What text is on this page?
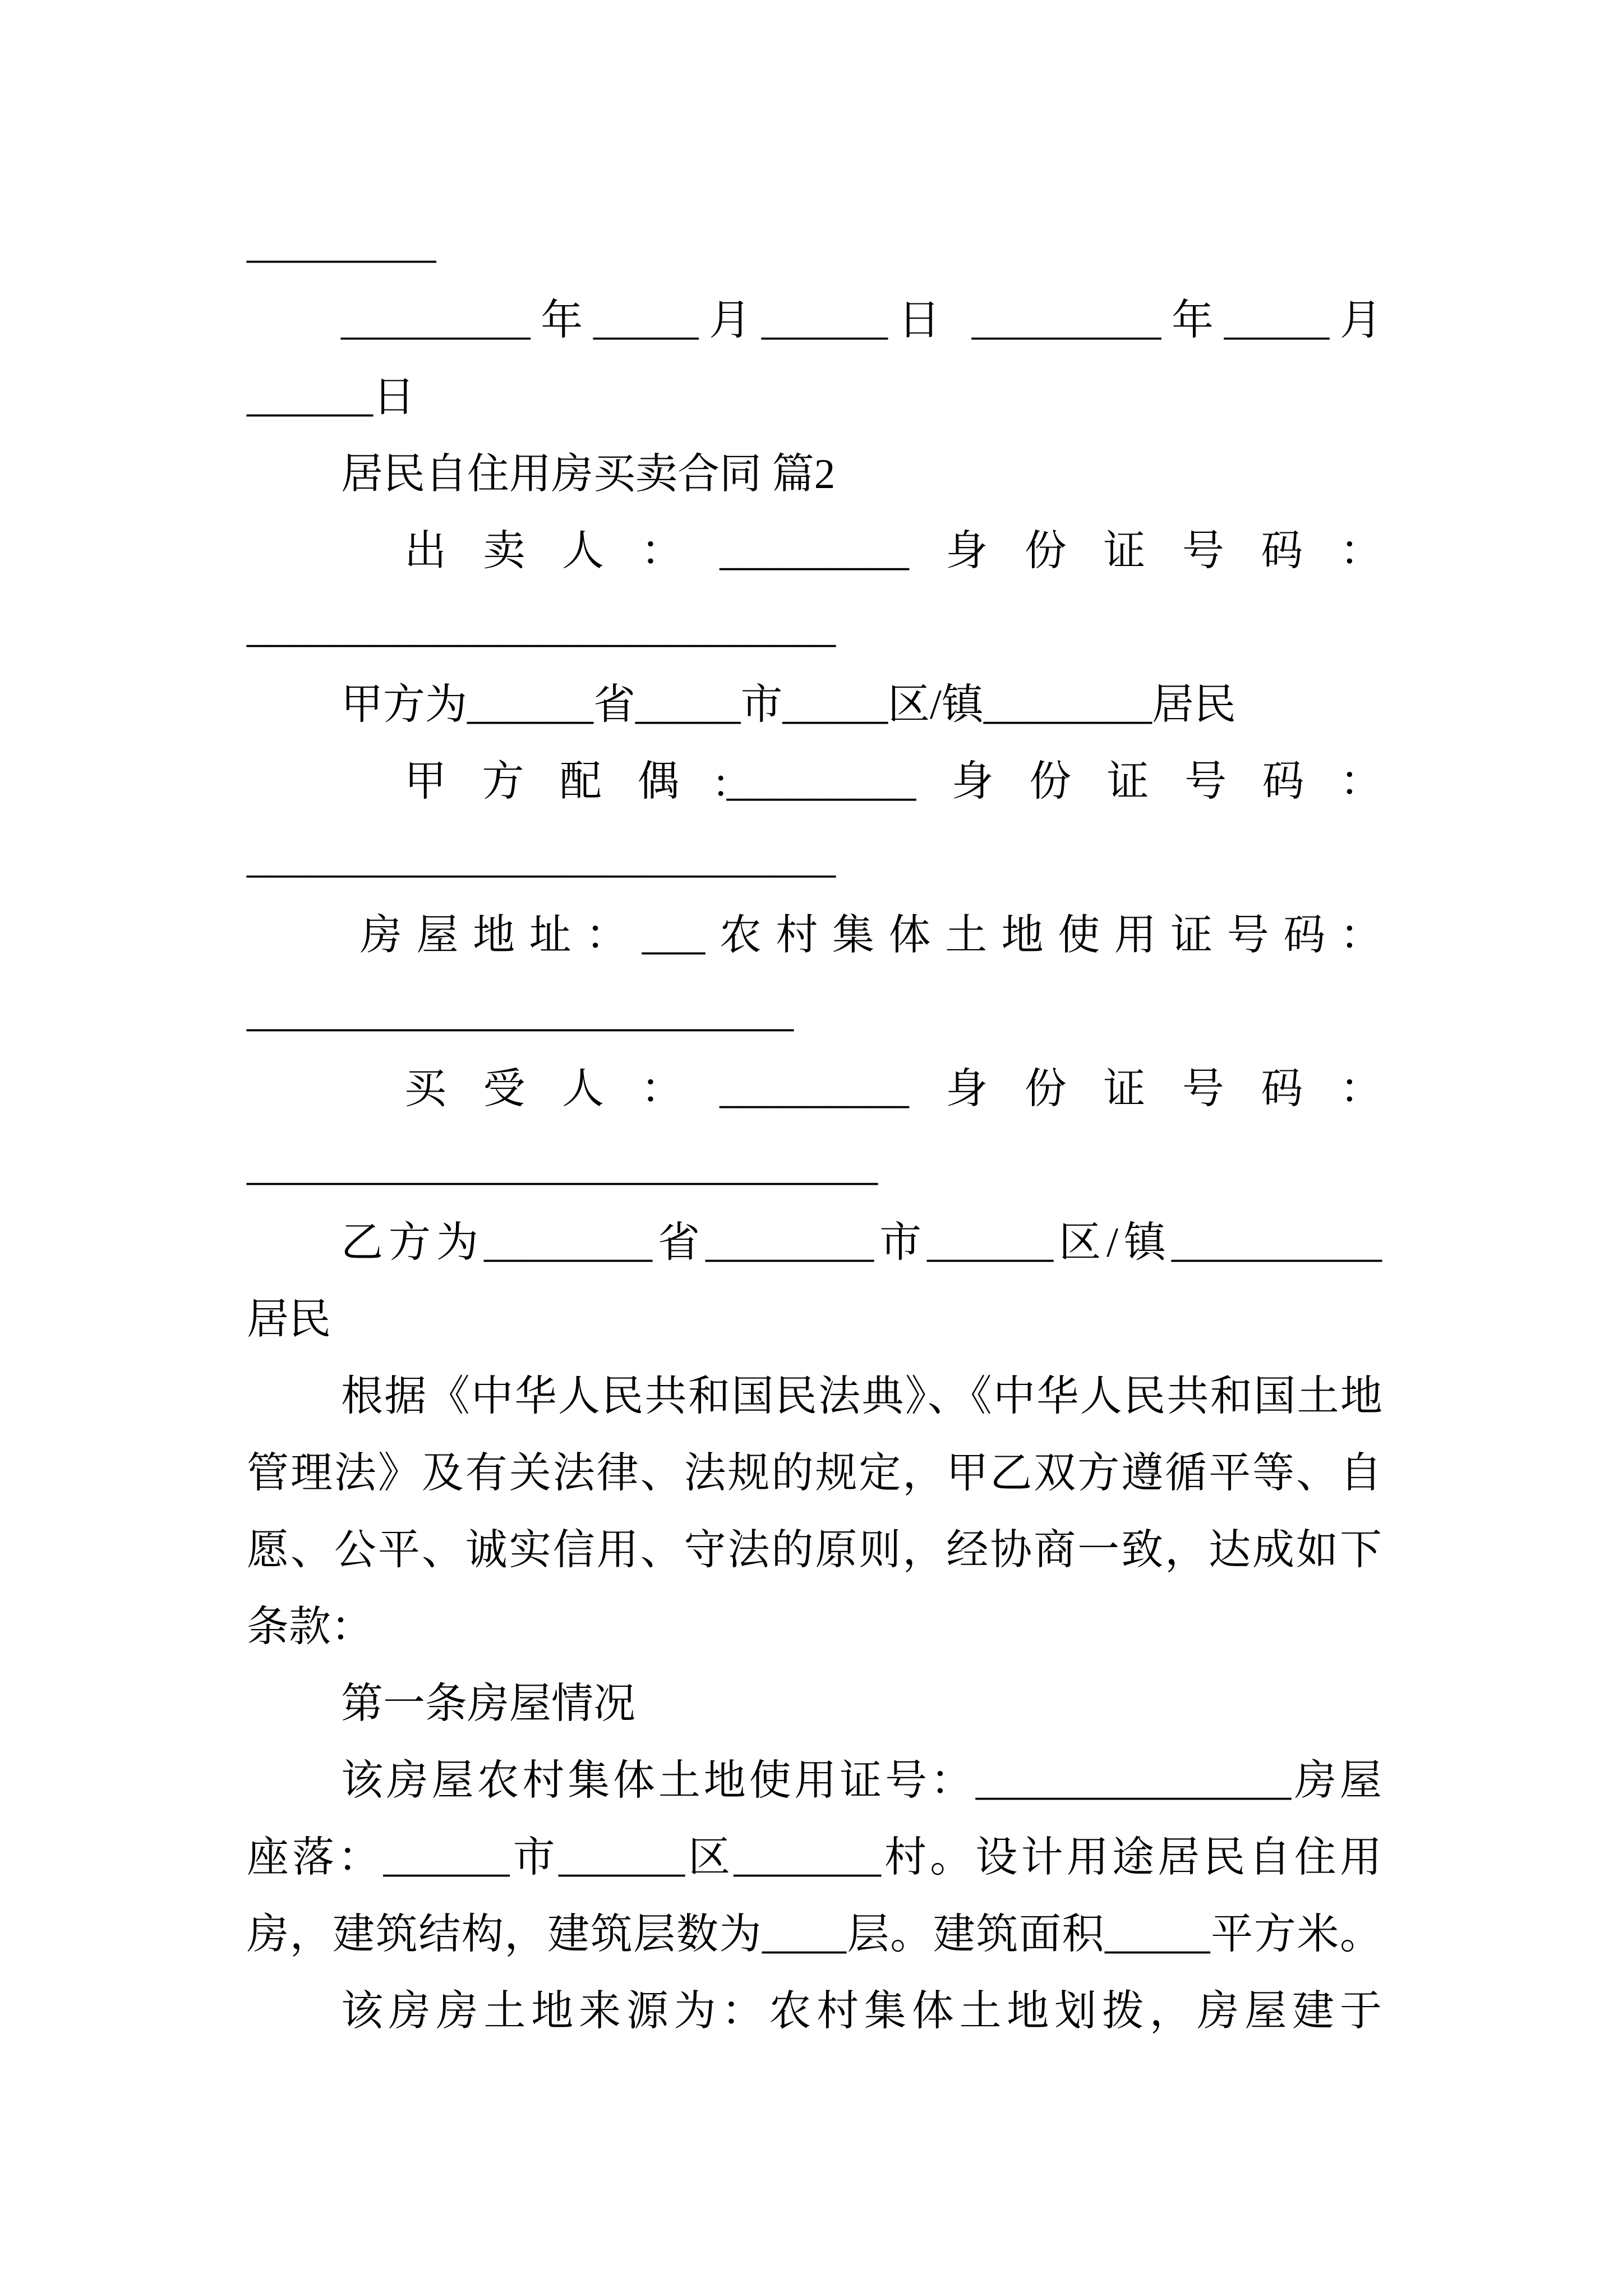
_________
_________年_____月______日 _________年_____月
______日
居民自住用房买卖合同 篇2
出卖人：_________身份证号码：
____________________________
甲方为______省_____市_____区/镇________居民
甲方配偶:_________身份证号码：
____________________________
房屋地址：___农村集体土地使用证号码：
__________________________
买受人：_________身份证号码：
______________________________
乙方为________省________市______区/镇__________
居民
根据《中华人民共和国民法典》、《中华人民共和国土地
管理法》及有关法律、法规的规定，甲乙双方遵循平等、自
愿、公平、诚实信用、守法的原则，经协商一致，达成如下
条款：
第一条房屋情况
该房屋农村集体土地使用证号：_______________房屋
座落：______市______区_______村。设计用途居民自住用
房，建筑结构，建筑层数为____层。建筑面积_____平方米。
该房房土地来源为：农村集体土地划拨，房屋建于
